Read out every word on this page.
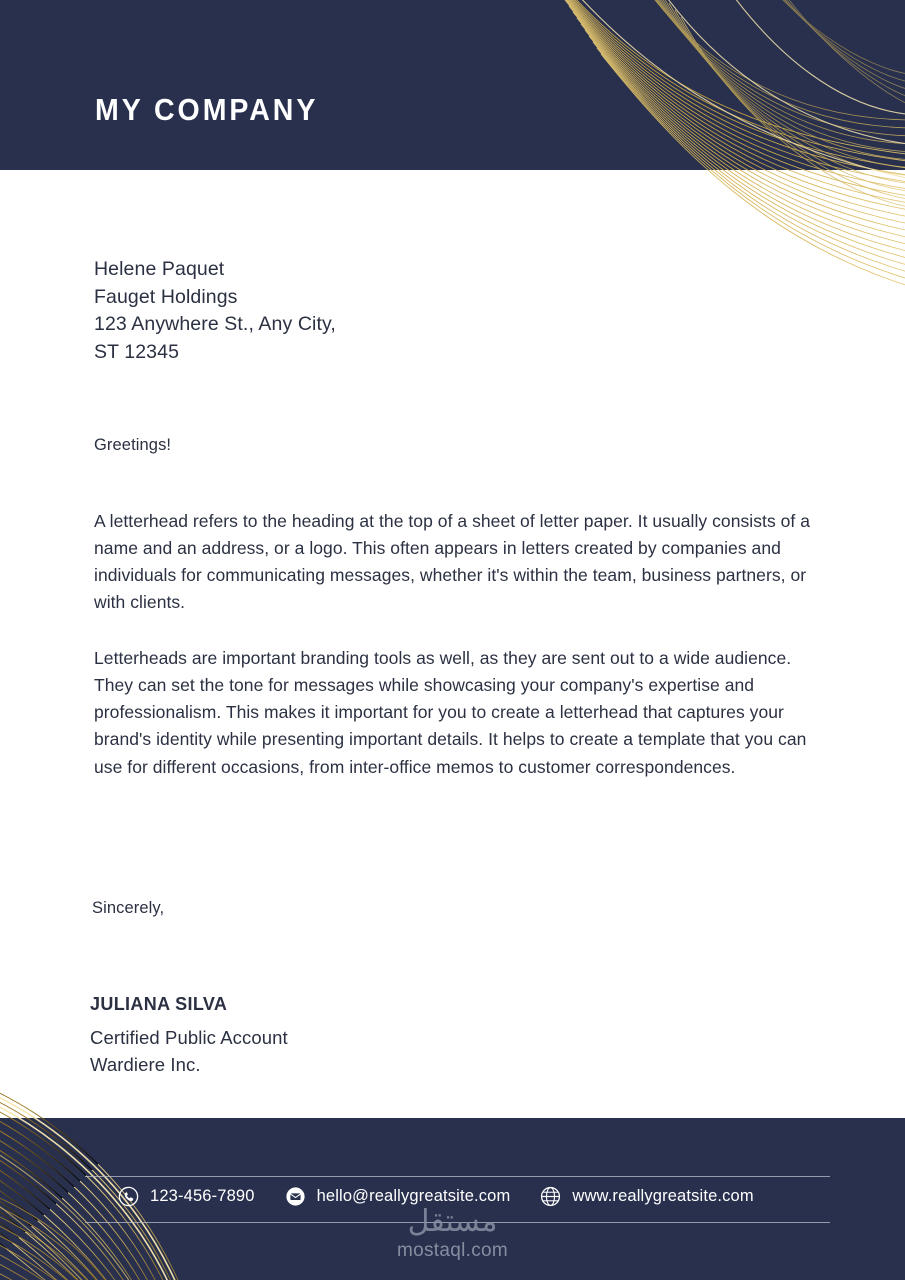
MY COMPANY
Helene Paquet
Fauget Holdings
123 Anywhere St., Any City,
ST 12345
Greetings!

A letterhead refers to the heading at the top of a sheet of letter paper. It usually consists of a name and an address, or a logo. This often appears in letters created by companies and individuals for communicating messages, whether it's within the team, business partners, or with clients.

Letterheads are important branding tools as well, as they are sent out to a wide audience. They can set the tone for messages while showcasing your company's expertise and professionalism. This makes it important for you to create a letterhead that captures your brand's identity while presenting important details. It helps to create a template that you can use for different occasions, from inter-office memos to customer correspondences.

Sincerely,
JULIANA SILVA
Certified Public Account
Wardiere Inc.
123-456-7890	hello@reallygreatsite.com	www.reallygreatsite.com
مستقل
mostaql.com
